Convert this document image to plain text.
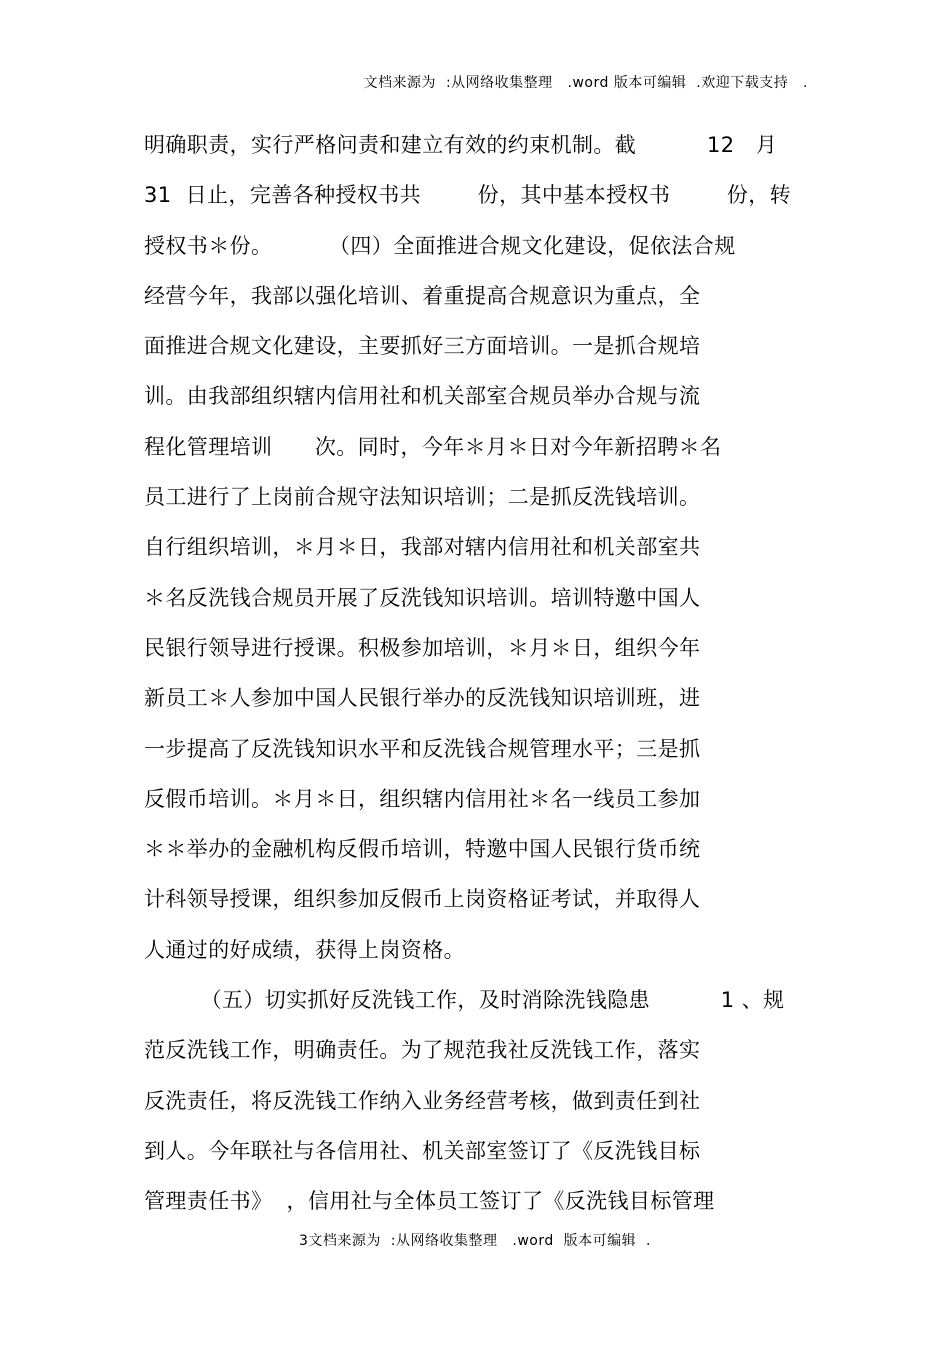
文档来源为  :从网络收集整理   .word 版本可编辑  .欢迎下载支持   .
明确职责，实行严格问责和建立有效的约束机制。截          12   月
31  日止，完善各种授权书共        份，其中基本授权书        份，转
授权书＊份。        （四）全面推进合规文化建设，促依法合规
经营今年，我部以强化培训、着重提高合规意识为重点，全
面推进合规文化建设，主要抓好三方面培训。一是抓合规培
训。由我部组织辖内信用社和机关部室合规员举办合规与流
程化管理培训      次。同时，今年＊月＊日对今年新招聘＊名
员工进行了上岗前合规守法知识培训；二是抓反洗钱培训。
自行组织培训，＊月＊日，我部对辖内信用社和机关部室共
＊名反洗钱合规员开展了反洗钱知识培训。培训特邀中国人
民银行领导进行授课。积极参加培训，＊月＊日，组织今年
新员工＊人参加中国人民银行举办的反洗钱知识培训班，进
一步提高了反洗钱知识水平和反洗钱合规管理水平；三是抓
反假币培训。＊月＊日，组织辖内信用社＊名一线员工参加
＊＊举办的金融机构反假币培训，特邀中国人民银行货币统
计科领导授课，组织参加反假币上岗资格证考试，并取得人
人通过的好成绩，获得上岗资格。
（五）切实抓好反洗钱工作，及时消除洗钱隐患          1 、规
范反洗钱工作，明确责任。为了规范我社反洗钱工作，落实
反洗责任，将反洗钱工作纳入业务经营考核，做到责任到社
到人。今年联社与各信用社、机关部室签订了《反洗钱目标
管理责任书》  ，信用社与全体员工签订了《反洗钱目标管理
3文档来源为  :从网络收集整理   .word  版本可编辑  .
